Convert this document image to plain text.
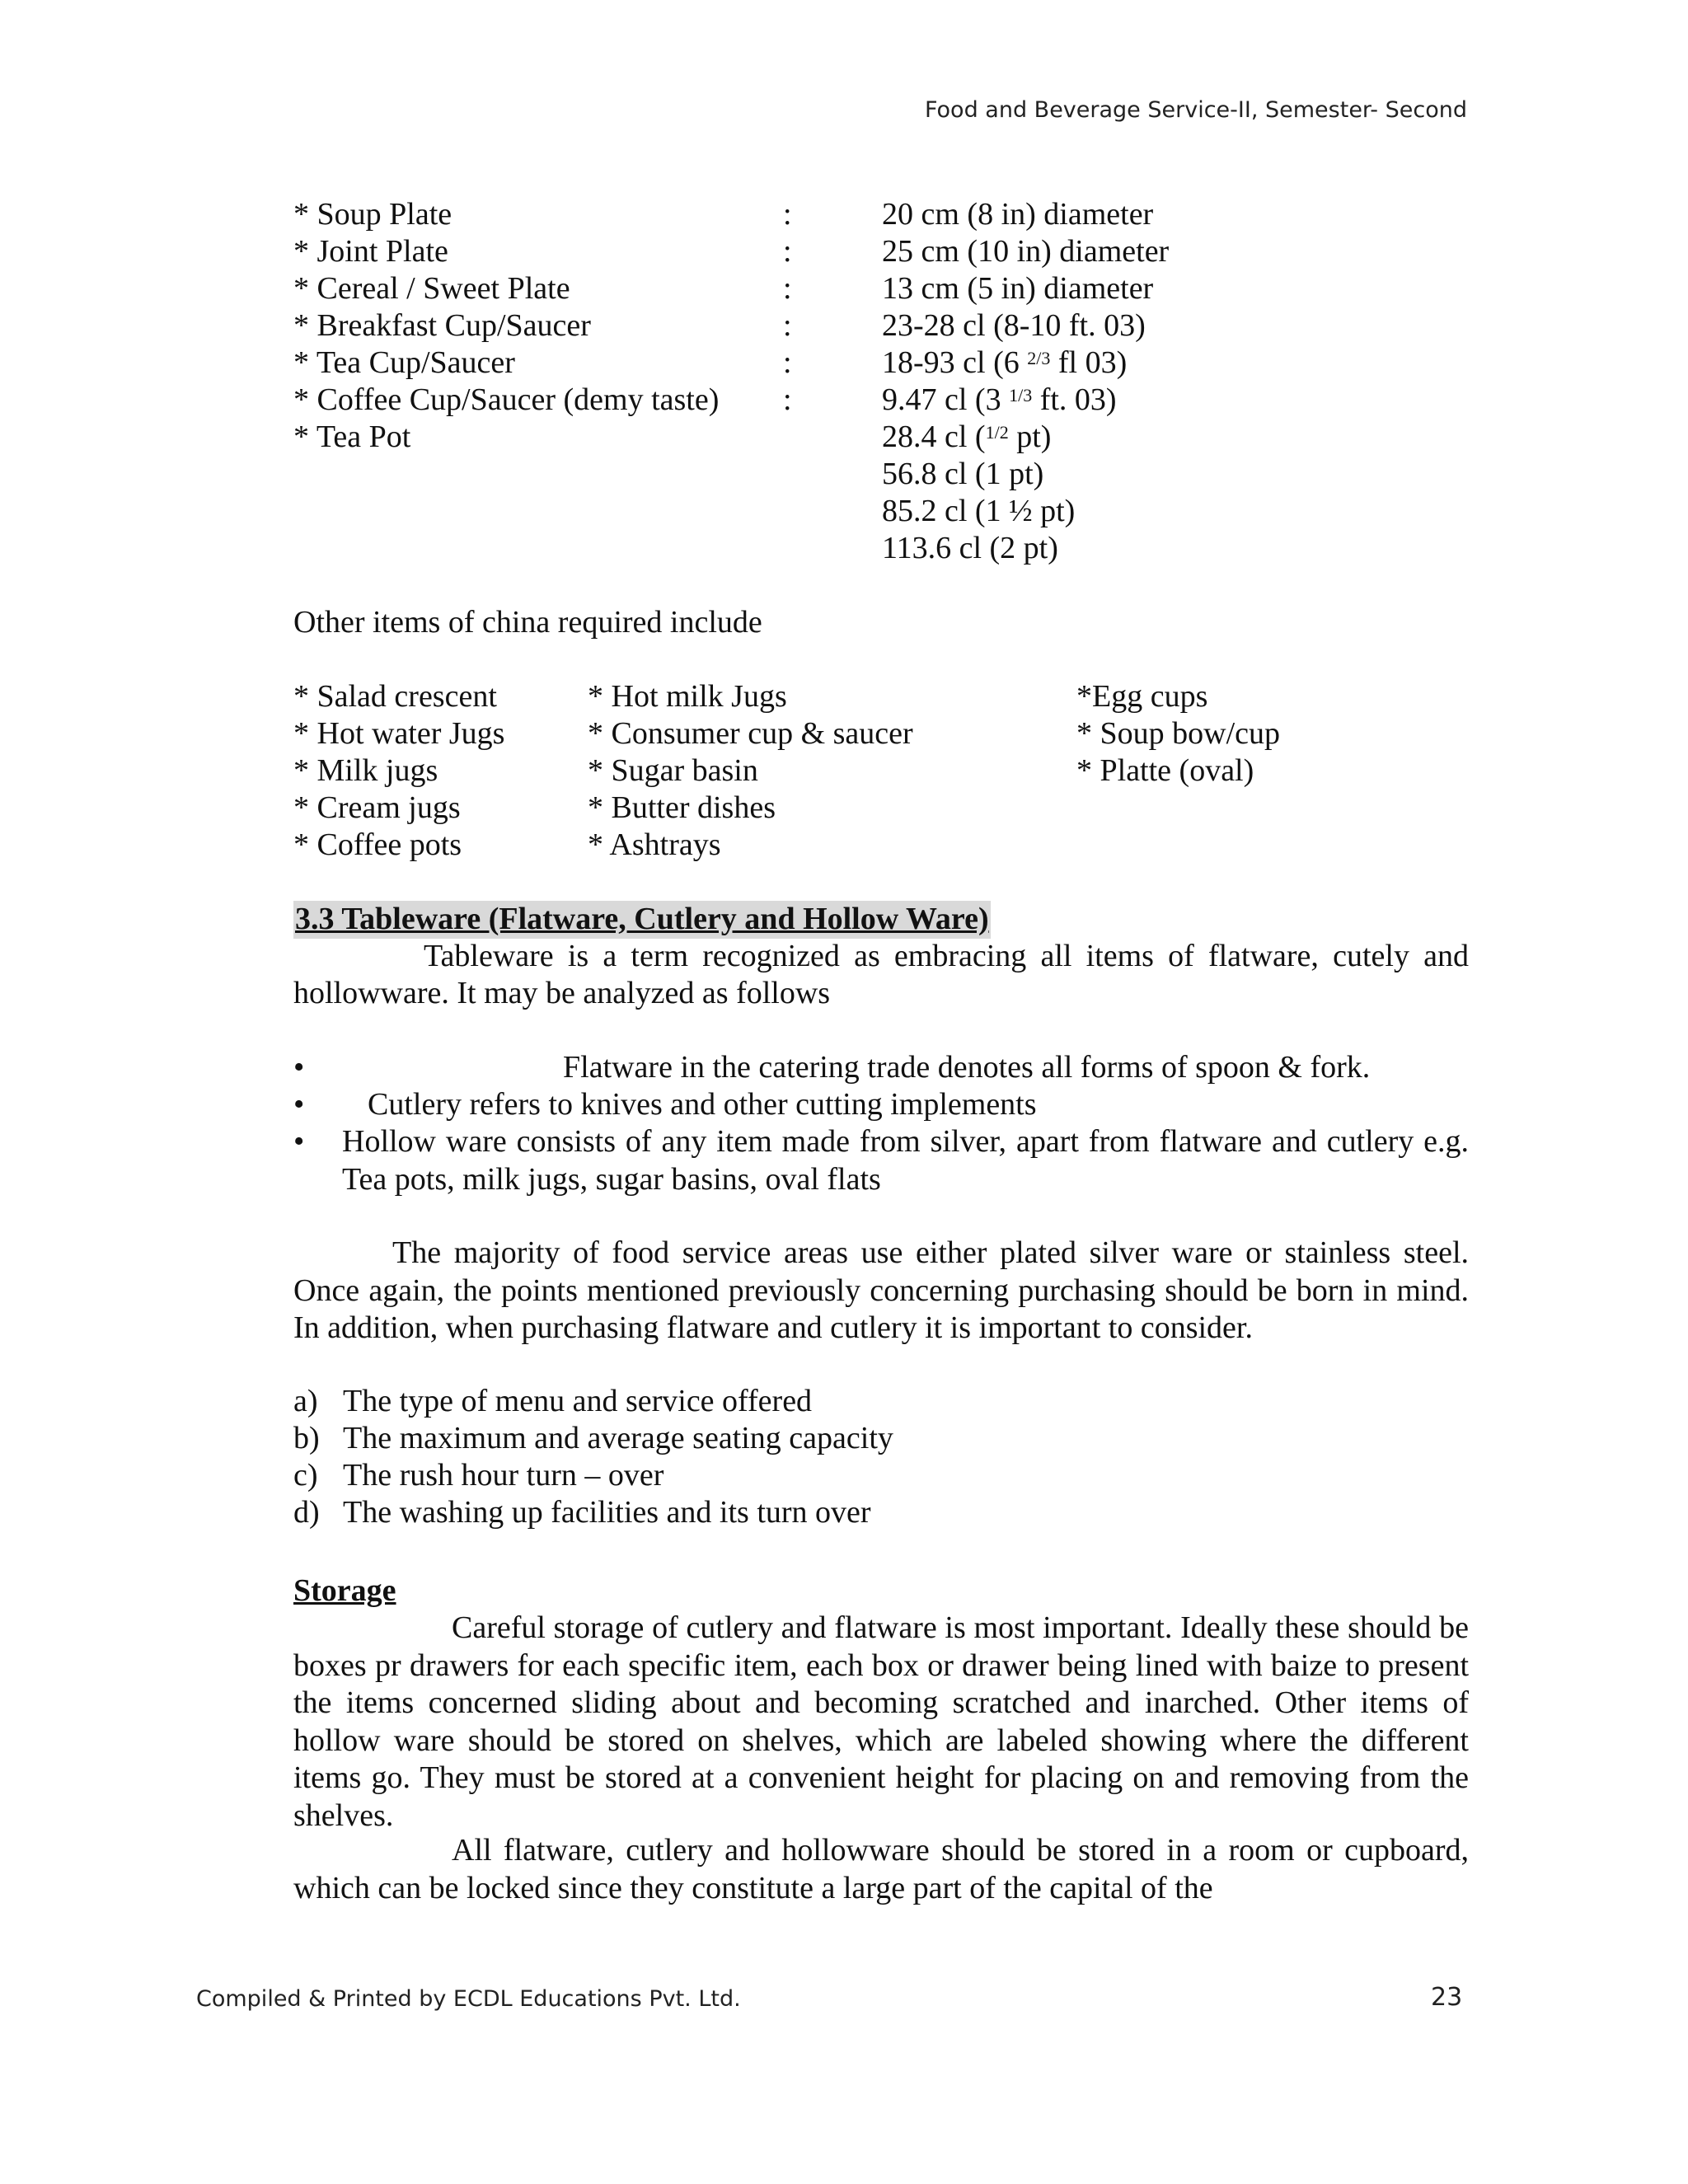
Food and Beverage Service-II, Semester- Second
* Soup Plate	:	20 cm (8 in) diameter
* Joint Plate	:	25 cm (10 in) diameter
* Cereal / Sweet Plate	:	13 cm (5 in) diameter
* Breakfast Cup/Saucer	:	23-28 cl (8-10 ft. 03)
* Tea Cup/Saucer	:	18-93 cl (6 $^{2/3}$ fl 03)
* Coffee Cup/Saucer (demy taste) :	9.47 cl (3 $^{1/3}$ ft. 03)
* Tea Pot	28.4 cl ($^{1/2}$ pt)
56.8 cl (1 pt)
85.2 cl (1 ½ pt)
113.6 cl (2 pt)
Other items of china required include
* Salad crescent	* Hot milk Jugs	*Egg cups
* Hot water Jugs	* Consumer cup & saucer	* Soup bow/cup
* Milk jugs	* Sugar basin	* Platte (oval)
* Cream jugs	* Butter dishes
* Coffee pots	* Ashtrays
3.3 Tableware (Flatware, Cutlery and Hollow Ware)
Tableware is a term recognized as embracing all items of flatware, cutely and
hollowware. It may be analyzed as follows
•	Flatware in the catering trade denotes all forms of spoon & fork.
• Cutlery refers to knives and other cutting implements
• Hollow ware consists of any item made from silver, apart from flatware and cutlery e.g. Tea pots, milk jugs, sugar basins, oval flats

The majority of food service areas use either plated silver ware or stainless steel. Once again, the points mentioned previously concerning purchasing should be born in mind. In addition, when purchasing flatware and cutlery it is important to consider.

a) The type of menu and service offered
b) The maximum and average seating capacity
c) The rush hour turn – over
d) The washing up facilities and its turn over
Storage

Careful storage of cutlery and flatware is most important. Ideally these should be boxes pr drawers for each specific item, each box or drawer being lined with baize to present the items concerned sliding about and becoming scratched and inarched. Other items of hollow ware should be stored on shelves, which are labeled showing where the different items go. They must be stored at a convenient height for placing on and removing from the shelves.

All flatware, cutlery and hollowware should be stored in a room or cupboard, which can be locked since they constitute a large part of the capital of the

Compiled & Printed by ECDL Educations Pvt. Ltd.	23
